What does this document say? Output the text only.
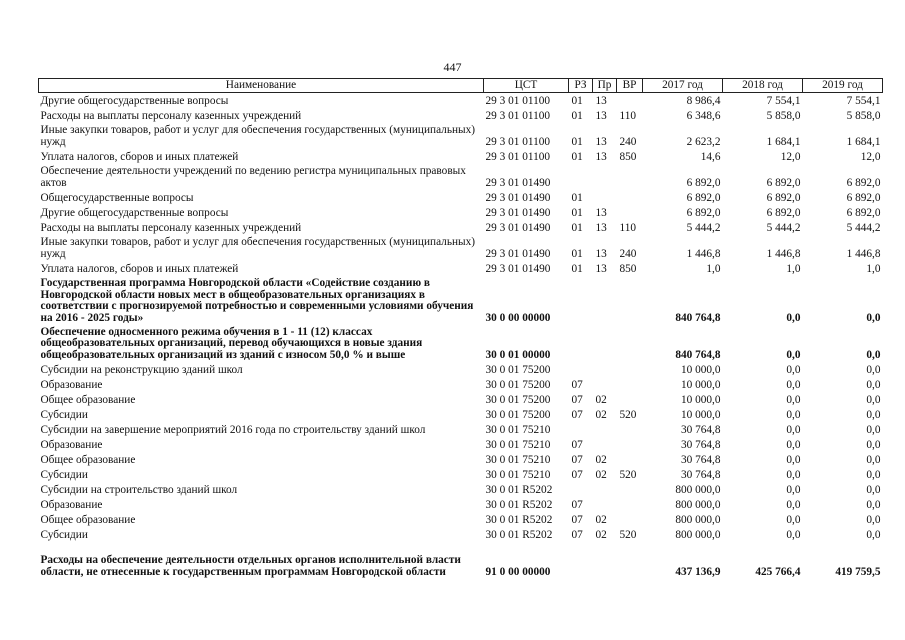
447
Наименование	ЦСТ	РЗ	Пр	ВР	2017 год	2018 год	2019 год
Другие общегосударственные вопросы	29 3 01 01100	01	13		8 986,4	7 554,1	7 554,1
Расходы на выплаты персоналу казенных учреждений	29 3 01 01100	01	13	110	6 348,6	5 858,0	5 858,0
Иные закупки товаров, работ и услуг для обеспечения государственных (муниципальных) нужд	29 3 01 01100	01	13	240	2 623,2	1 684,1	1 684,1
Уплата налогов, сборов и иных платежей	29 3 01 01100	01	13	850	14,6	12,0	12,0
Обеспечение деятельности учреждений по ведению регистра муниципальных правовых актов	29 3 01 01490				6 892,0	6 892,0	6 892,0
Общегосударственные вопросы	29 3 01 01490	01			6 892,0	6 892,0	6 892,0
Другие общегосударственные вопросы	29 3 01 01490	01	13		6 892,0	6 892,0	6 892,0
Расходы на выплаты персоналу казенных учреждений	29 3 01 01490	01	13	110	5 444,2	5 444,2	5 444,2
Иные закупки товаров, работ и услуг для обеспечения государственных (муниципальных) нужд	29 3 01 01490	01	13	240	1 446,8	1 446,8	1 446,8
Уплата налогов, сборов и иных платежей	29 3 01 01490	01	13	850	1,0	1,0	1,0
Государственная программа Новгородской области «Содействие созданию в Новгородской области новых мест в общеобразовательных организациях в соответствии с прогнозируемой потребностью и современными условиями обучения на 2016 - 2025 годы»	30 0 00 00000				840 764,8	0,0	0,0
Обеспечение односменного режима обучения в 1 - 11 (12) классах общеобразовательных организаций, перевод обучающихся в новые здания общеобразовательных организаций из зданий с износом 50,0 % и выше	30 0 01 00000				840 764,8	0,0	0,0
Субсидии на реконструкцию зданий школ	30 0 01 75200				10 000,0	0,0	0,0
Образование	30 0 01 75200	07			10 000,0	0,0	0,0
Общее образование	30 0 01 75200	07	02		10 000,0	0,0	0,0
Субсидии	30 0 01 75200	07	02	520	10 000,0	0,0	0,0
Субсидии на завершение мероприятий 2016 года по строительству зданий школ	30 0 01 75210				30 764,8	0,0	0,0
Образование	30 0 01 75210	07			30 764,8	0,0	0,0
Общее образование	30 0 01 75210	07	02		30 764,8	0,0	0,0
Субсидии	30 0 01 75210	07	02	520	30 764,8	0,0	0,0
Субсидии на строительство зданий школ	30 0 01 R5202				800 000,0	0,0	0,0
Образование	30 0 01 R5202	07			800 000,0	0,0	0,0
Общее образование	30 0 01 R5202	07	02		800 000,0	0,0	0,0
Субсидии	30 0 01 R5202	07	02	520	800 000,0	0,0	0,0
Расходы на обеспечение деятельности отдельных органов исполнительной власти области, не отнесенные к государственным программам Новгородской области	91 0 00 00000				437 136,9	425 766,4	419 759,5
